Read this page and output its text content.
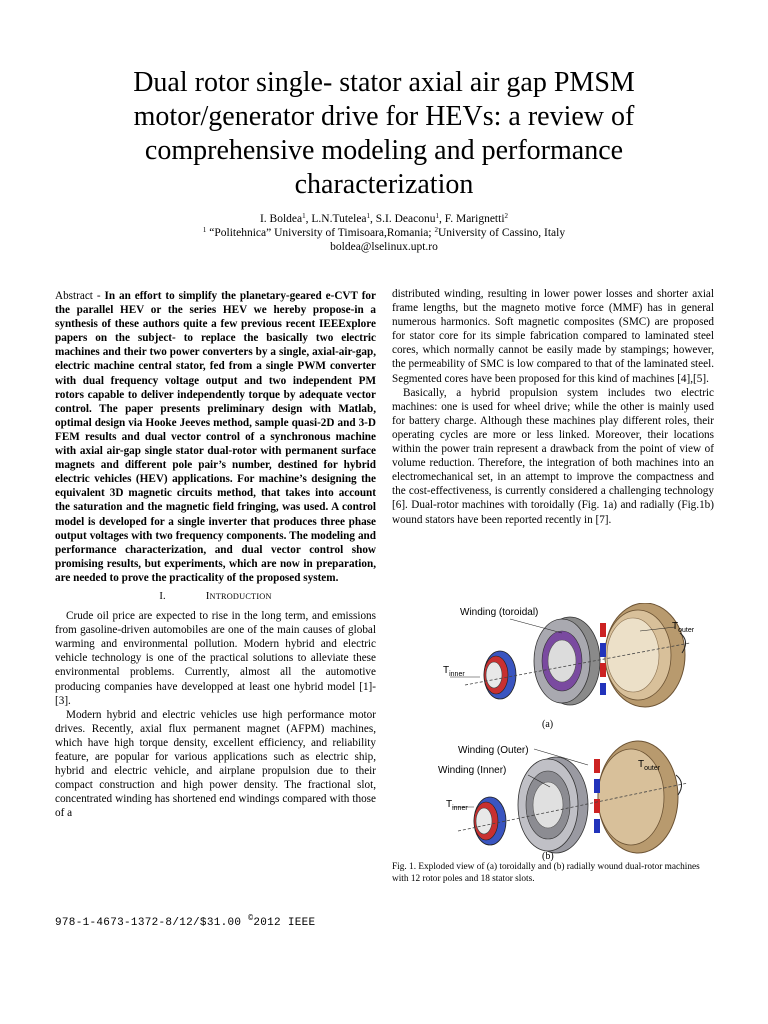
Dual rotor single- stator axial air gap PMSM motor/generator drive for HEVs: a review of comprehensive modeling and performance characterization
I. Boldea$^1$, L.N.Tutelea$^1$, S.I. Deaconu$^1$, F. Marignetti$^2$
$^1$ “Politehnica” University of Timisoara,Romania; $^2$University of Cassino, Italy
boldea@lselinux.upt.ro

Abstract - In an effort to simplify the planetary-geared e-CVT for the parallel HEV or the series HEV we hereby propose-in a synthesis of these authors quite a few previous recent IEEExplore papers on the subject- to replace the basically two electric machines and their two power converters by a single, axial-air-gap, electric machine central stator, fed from a single PWM converter with dual frequency voltage output and two independent PM rotors capable to deliver independently torque by adequate vector control. The paper presents preliminary design with Matlab, optimal design via Hooke Jeeves method, sample quasi-2D and 3-D FEM results and dual vector control of a synchronous machine with axial air-gap single stator dual-rotor with permanent surface magnets and different pole pair’s number, destined for hybrid electric vehicles (HEV) applications. For machine’s designing the equivalent 3D magnetic circuits method, that takes into account the saturation and the magnetic field fringing, was used. A control model is developed for a single inverter that produces three phase output voltages with two frequency components. The modeling and performance characterization, and dual vector control show promising results, but experiments, which are now in preparation, are needed to prove the practicality of the proposed system.

I.	INTRODUCTION

Crude oil price are expected to rise in the long term, and emissions from gasoline-driven automobiles are one of the main causes of global warming and environmental pollution. Modern hybrid and electric vehicle technology is one of the practical solutions to alleviate these environmental problems. Currently, almost all the automotive producing companies have developped at least one hybrid model [1]-[3].

Modern hybrid and electric vehicles use high performance motor drives. Recently, axial flux permanent magnet (AFPM) machines, which have high torque density, excellent efficiency, and reliability feature, are popular for various applications such as electric ship, hybrid and electric vehicle, and airplane propulsion due to their compact construction and high power density. The fractional slot, concentrated winding has shortened end windings compared with those of a

distributed winding, resulting in lower power losses and shorter axial frame lengths, but the magneto motive force (MMF) has in general numerous harmonics. Soft magnetic composites (SMC) are proposed for stator core for its simple fabrication compared to laminated steel cores, which normally cannot be easily made by stampings; however, the permeability of SMC is low compared to that of the laminated steel. Segmented cores have been proposed for this kind of machines [4],[5].

Basically, a hybrid propulsion system includes two electric machines: one is used for wheel drive; while the other is mainly used for battery charge. Although these machines play different roles, their operating cycles are more or less linked. Moreover, their locations within the power train represent a drawback from the point of view of volume reduction. Therefore, the integration of both machines into an electromechanical set, in an attempt to improve the compactness and the cost-effectiveness, is currently considered a challenging technology [6]. Dual-rotor machines with toroidally (Fig. 1a) and radially (Fig.1b) wound stators have been reported recently in [7].

Winding (toroidal)
$T_{outer}$
$T_{inner}$
(a)
Winding (Outer)
Winding (Inner)
$T_{outer}$
$T_{inner}$
(b)
Fig. 1. Exploded view of (a) toroidally and (b) radially wound dual-rotor machines with 12 rotor poles and 18 stator slots.
978-1-4673-1372-8/12/$31.00 ©2012 IEEE
